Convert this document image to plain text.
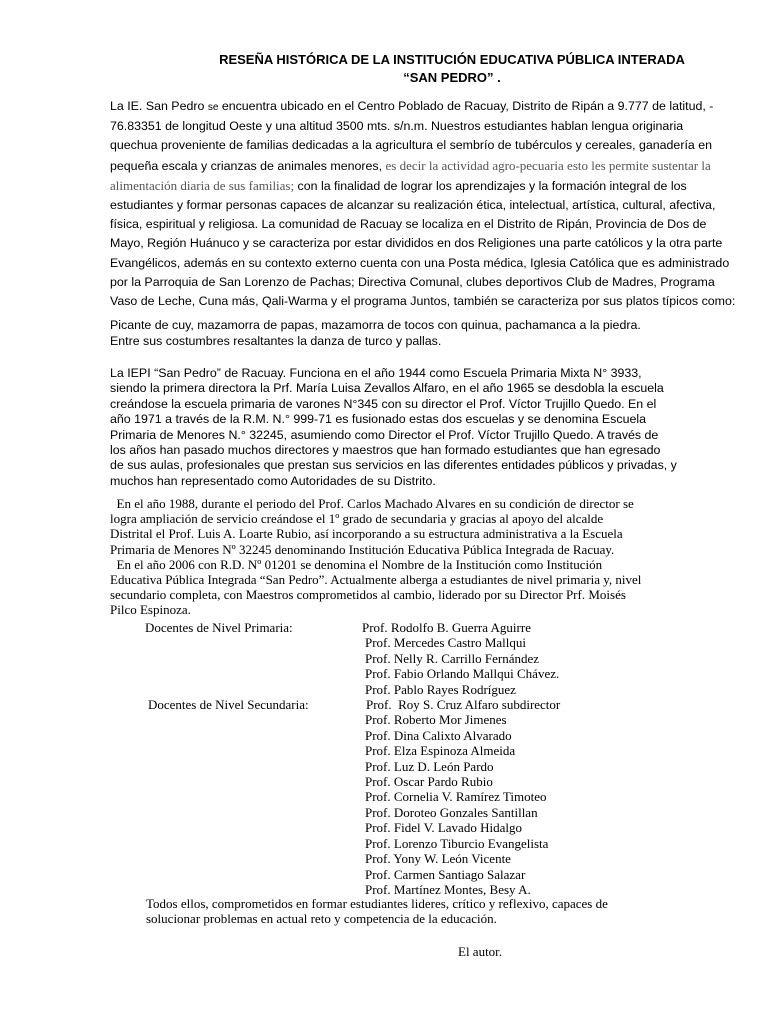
RESEÑA HISTÓRICA DE LA INSTITUCIÓN EDUCATIVA PÚBLICA INTERADA
“SAN PEDRO” .
La IE. San Pedro se encuentra ubicado en el Centro Poblado de Racuay, Distrito de Ripán a 9.777 de latitud, -
76.83351 de longitud Oeste y una altitud 3500 mts. s/n.m. Nuestros estudiantes hablan lengua originaria
quechua proveniente de familias dedicadas a la agricultura el sembrío de tubérculos y cereales, ganadería en
pequeña escala y crianzas de animales menores, es decir la actividad agro-pecuaria esto les permite sustentar la
alimentación diaria de sus familias; con la finalidad de lograr los aprendizajes y la formación integral de los
estudiantes y formar personas capaces de alcanzar su realización ética, intelectual, artística, cultural, afectiva,
física, espiritual y religiosa. La comunidad de Racuay se localiza en el Distrito de Ripán, Provincia de Dos de
Mayo, Región Huánuco y se caracteriza por estar divididos en dos Religiones una parte católicos y la otra parte
Evangélicos, además en su contexto externo cuenta con una Posta médica, Iglesia Católica que es administrado
por la Parroquia de San Lorenzo de Pachas; Directiva Comunal, clubes deportivos Club de Madres, Programa
Vaso de Leche, Cuna más, Qali-Warma y el programa Juntos, también se caracteriza por sus platos típicos como:
Picante de cuy, mazamorra de papas, mazamorra de tocos con quinua, pachamanca a la piedra.
Entre sus costumbres resaltantes la danza de turco y pallas.
La IEPI “San Pedro” de Racuay. Funciona en el año 1944 como Escuela Primaria Mixta N° 3933,
siendo la primera directora la Prf. María Luisa Zevallos Alfaro, en el año 1965 se desdobla la escuela
creándose la escuela primaria de varones N°345 con su director el Prof. Víctor Trujillo Quedo. En el
año 1971 a través de la R.M. N.° 999-71 es fusionado estas dos escuelas y se denomina Escuela
Primaria de Menores N.° 32245, asumiendo como Director el Prof. Víctor Trujillo Quedo. A través de
los años han pasado muchos directores y maestros que han formado estudiantes que han egresado
de sus aulas, profesionales que prestan sus servicios en las diferentes entidades públicos y privadas, y
muchos han representado como Autoridades de su Distrito.
En el año 1988, durante el periodo del Prof. Carlos Machado Alvares en su condición de director se
logra ampliación de servicio creándose el 1º grado de secundaria y gracias al apoyo del alcalde
Distrital el Prof. Luis A. Loarte Rubio, así incorporando a su estructura administrativa a la Escuela
Primaria de Menores Nº 32245 denominando Institución Educativa Pública Integrada de Racuay.
En el año 2006 con R.D. Nº 01201 se denomina el Nombre de la Institución como Institución
Educativa Pública Integrada “San Pedro”. Actualmente alberga a estudiantes de nivel primaria y, nivel
secundario completa, con Maestros comprometidos al cambio, liderado por su Director Prf. Moisés
Pilco Espinoza.
Docentes de Nivel Primaria:
Docentes de Nivel Secundaria:
Prof. Rodolfo B. Guerra Aguirre
Prof. Mercedes Castro Mallqui
Prof. Nelly R. Carrillo Fernández
Prof. Fabio Orlando Mallqui Chávez.
Prof. Pablo Rayes Rodríguez
Prof.  Roy S. Cruz Alfaro subdirector
Prof. Roberto Mor Jimenes
Prof. Dina Calixto Alvarado
Prof. Elza Espinoza Almeida
Prof. Luz D. León Pardo
Prof. Oscar Pardo Rubio
Prof. Cornelia V. Ramírez Timoteo
Prof. Doroteo Gonzales Santillan
Prof. Fidel V. Lavado Hidalgo
Prof. Lorenzo Tiburcio Evangelista
Prof. Yony W. León Vicente
Prof. Carmen Santiago Salazar
Prof. Martínez Montes, Besy A.
Todos ellos, comprometidos en formar estudiantes lideres, crítico y reflexivo, capaces de
solucionar problemas en actual reto y competencia de la educación.
El autor.
